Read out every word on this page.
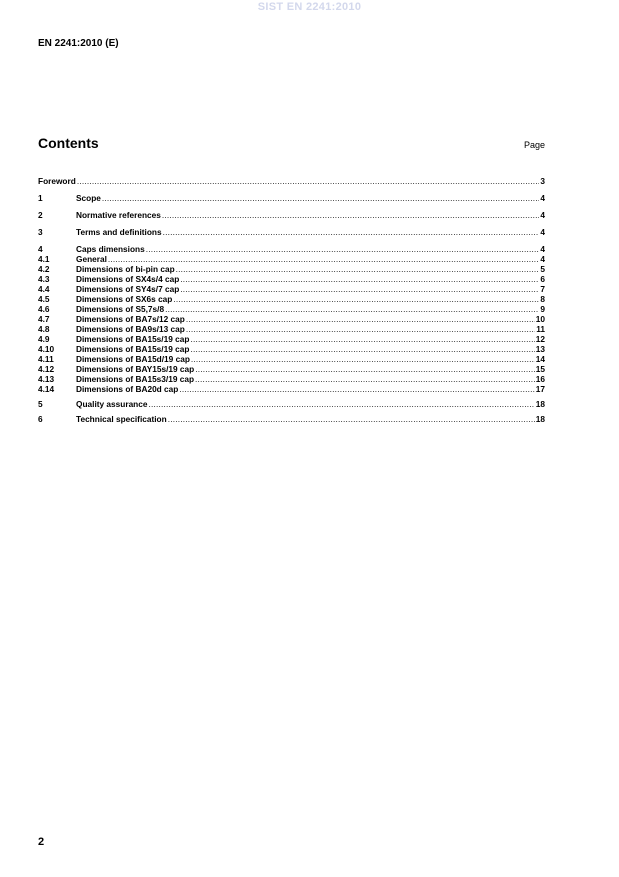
SIST EN 2241:2010
EN 2241:2010 (E)
Contents	Page
Foreword .....	3
1	Scope .....	4
2	Normative references .....	4
3	Terms and definitions .....	4
4	Caps dimensions .....	4
4.1	General .....	4
4.2	Dimensions of bi-pin cap .....	5
4.3	Dimensions of SX4s/4 cap .....	6
4.4	Dimensions of SY4s/7 cap .....	7
4.5	Dimensions of SX6s cap .....	8
4.6	Dimensions of S5,7s/8 .....	9
4.7	Dimensions of BA7s/12 cap .....	10
4.8	Dimensions of BA9s/13 cap .....	11
4.9	Dimensions of BA15s/19 cap .....	12
4.10	Dimensions of BA15s/19 cap .....	13
4.11	Dimensions of BA15d/19 cap .....	14
4.12	Dimensions of BAY15s/19 cap .....	15
4.13	Dimensions of BA15s3/19 cap .....	16
4.14	Dimensions of BA20d cap .....	17
5	Quality assurance .....	18
6	Technical specification .....	18
2
